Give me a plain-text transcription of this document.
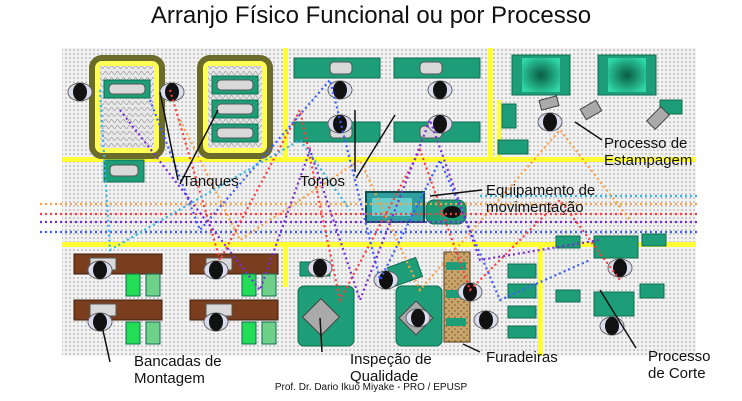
Arranjo Físico Funcional ou por Processo
Tanques	Tornos
Equipamento de
movimentação
Processo de
Estampagem
Bancadas de
Montagem
Inspeção de
Qualidade
Furadeiras	Processo
de Corte
Prof. Dr. Dario Ikuo Miyake - PRO / EPUSP
